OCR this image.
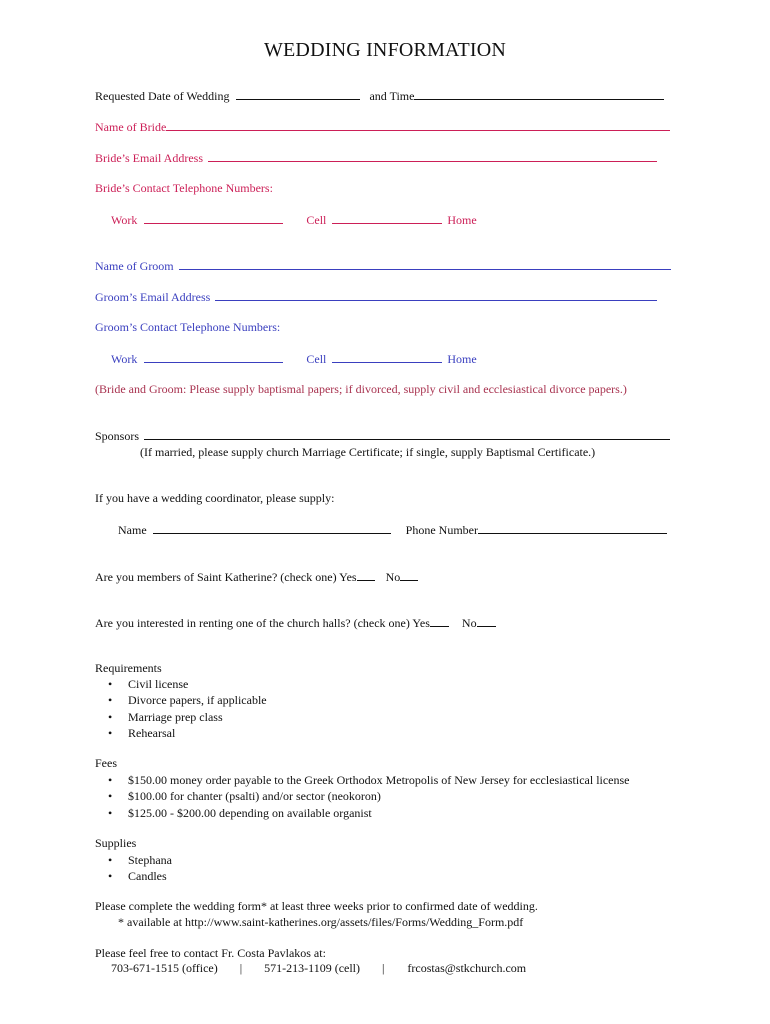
WEDDING INFORMATION
Requested Date of Wedding	and Time
Name of Bride
Bride’s Email Address
Bride’s Contact Telephone Numbers:
Work	Cell	Home
Name of Groom
Groom’s Email Address
Groom’s Contact Telephone Numbers:
Work	Cell	Home
(Bride and Groom: Please supply baptismal papers; if divorced, supply civil and ecclesiastical divorce papers.)
Sponsors
(If married, please supply church Marriage Certificate; if single, supply Baptismal Certificate.)
If you have a wedding coordinator, please supply:
Name	Phone Number
Are you members of Saint Katherine? (check one) Yes No
Are you interested in renting one of the church halls? (check one) Yes	No
Requirements
• Civil license
• Divorce papers, if applicable
• Marriage prep class
• Rehearsal
Fees
• $150.00 money order payable to the Greek Orthodox Metropolis of New Jersey for ecclesiastical license
• $100.00 for chanter (psalti) and/or sector (neokoron)
• $125.00 - $200.00 depending on available organist
Supplies
• Stephana
• Candles
Please complete the wedding form* at least three weeks prior to confirmed date of wedding.
* available at http://www.saint-katherines.org/assets/files/Forms/Wedding_Form.pdf
Please feel free to contact Fr. Costa Pavlakos at:
703-671-1515 (office) | 571-213-1109 (cell) | frcostas@stkchurch.com
